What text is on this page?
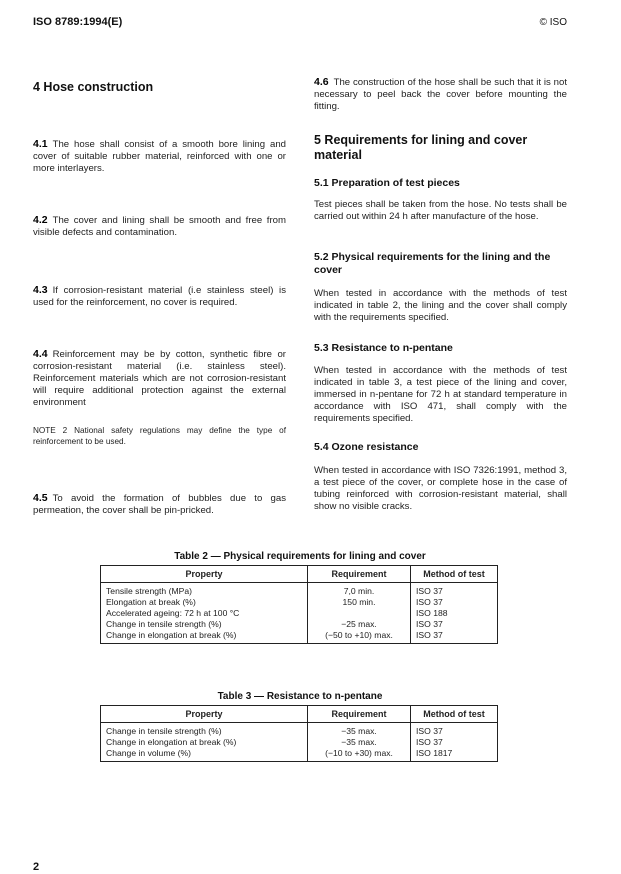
ISO 8789:1994(E)	© ISO
4 Hose construction
4.1 The hose shall consist of a smooth bore lining and cover of suitable rubber material, reinforced with one or more interlayers.
4.2 The cover and lining shall be smooth and free from visible defects and contamination.
4.3 If corrosion-resistant material (i.e stainless steel) is used for the reinforcement, no cover is required.
4.4 Reinforcement may be by cotton, synthetic fibre or corrosion-resistant material (i.e. stainless steel). Reinforcement materials which are not corrosion-resistant will require additional protection against the external environment
NOTE 2 National safety regulations may define the type of reinforcement to be used.
4.5 To avoid the formation of bubbles due to gas permeation, the cover shall be pin-pricked.
4.6 The construction of the hose shall be such that it is not necessary to peel back the cover before mounting the fitting.
5 Requirements for lining and cover material
5.1 Preparation of test pieces
Test pieces shall be taken from the hose. No tests shall be carried out within 24 h after manufacture of the hose.
5.2 Physical requirements for the lining and the cover
When tested in accordance with the methods of test indicated in table 2, the lining and the cover shall comply with the requirements specified.
5.3 Resistance to n-pentane
When tested in accordance with the methods of test indicated in table 3, a test piece of the lining and cover, immersed in n-pentane for 72 h at standard temperature in accordance with ISO 471, shall comply with the requirements specified.
5.4 Ozone resistance
When tested in accordance with ISO 7326:1991, method 3, a test piece of the cover, or complete hose in the case of tubing reinforced with corrosion-resistant material, shall show no visible cracks.
Table 2 — Physical requirements for lining and cover
Property	Requirement	Method of test
Tensile strength (MPa)	7,0 min.	ISO 37
Elongation at break (%)	150 min.	ISO 37
Accelerated ageing: 72 h at 100 °C		ISO 188
Change in tensile strength (%)	−25 max.	ISO 37
Change in elongation at break (%)	(−50 to +10) max.	ISO 37
Table 3 — Resistance to n-pentane
Property	Requirement	Method of test
Change in tensile strength (%)	−35 max.	ISO 37
Change in elongation at break (%)	−35 max.	ISO 37
Change in volume (%)	(−10 to +30) max.	ISO 1817
2
